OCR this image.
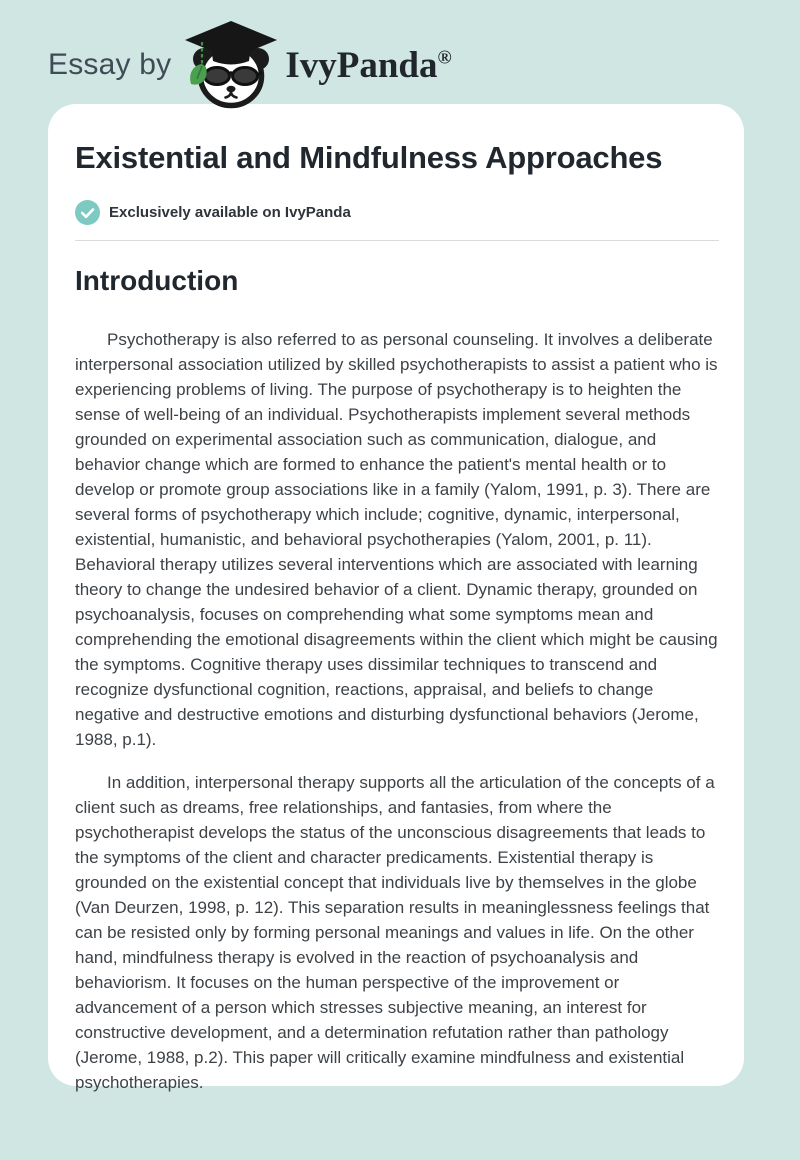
Essay by	IvyPanda®
Existential and Mindfulness Approaches
Exclusively available on IvyPanda
Introduction

Psychotherapy is also referred to as personal counseling. It involves a deliberate interpersonal association utilized by skilled psychotherapists to assist a patient who is experiencing problems of living. The purpose of psychotherapy is to heighten the sense of well-being of an individual. Psychotherapists implement several methods grounded on experimental association such as communication, dialogue, and behavior change which are formed to enhance the patient's mental health or to develop or promote group associations like in a family (Yalom, 1991, p. 3). There are several forms of psychotherapy which include; cognitive, dynamic, interpersonal, existential, humanistic, and behavioral psychotherapies (Yalom, 2001, p. 11). Behavioral therapy utilizes several interventions which are associated with learning theory to change the undesired behavior of a client. Dynamic therapy, grounded on psychoanalysis, focuses on comprehending what some symptoms mean and comprehending the emotional disagreements within the client which might be causing the symptoms. Cognitive therapy uses dissimilar techniques to transcend and recognize dysfunctional cognition, reactions, appraisal, and beliefs to change negative and destructive emotions and disturbing dysfunctional behaviors (Jerome, 1988, p.1).

In addition, interpersonal therapy supports all the articulation of the concepts of a client such as dreams, free relationships, and fantasies, from where the psychotherapist develops the status of the unconscious disagreements that leads to the symptoms of the client and character predicaments. Existential therapy is grounded on the existential concept that individuals live by themselves in the globe (Van Deurzen, 1998, p. 12). This separation results in meaninglessness feelings that can be resisted only by forming personal meanings and values in life. On the other hand, mindfulness therapy is evolved in the reaction of psychoanalysis and behaviorism. It focuses on the human perspective of the improvement or advancement of a person which stresses subjective meaning, an interest for constructive development, and a determination refutation rather than pathology (Jerome, 1988, p.2). This paper will critically examine mindfulness and existential psychotherapies.
